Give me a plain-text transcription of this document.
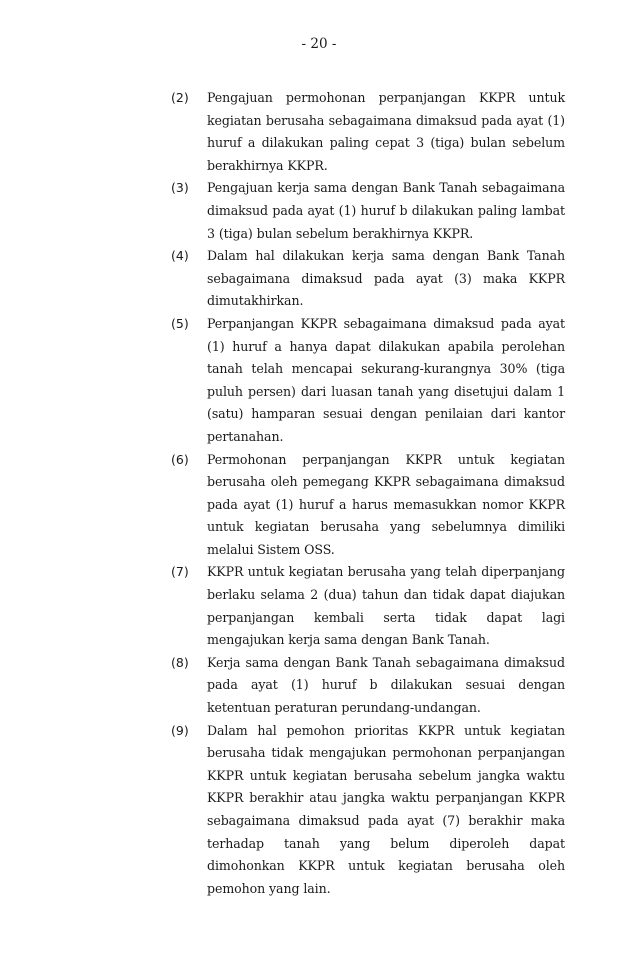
- 20 -
(2)	Pengajuan permohonan perpanjangan KKPR untuk kegiatan berusaha sebagaimana dimaksud pada ayat (1) huruf a dilakukan paling cepat 3 (tiga) bulan sebelum berakhirnya KKPR.
(3)	Pengajuan kerja sama dengan Bank Tanah sebagaimana dimaksud pada ayat (1) huruf b dilakukan paling lambat 3 (tiga) bulan sebelum berakhirnya KKPR.
(4)	Dalam hal dilakukan kerja sama dengan Bank Tanah sebagaimana dimaksud pada ayat (3) maka KKPR dimutakhirkan.
(5)	Perpanjangan KKPR sebagaimana dimaksud pada ayat (1) huruf a hanya dapat dilakukan apabila perolehan tanah telah mencapai sekurang-kurangnya 30% (tiga puluh persen) dari luasan tanah yang disetujui dalam 1 (satu) hamparan sesuai dengan penilaian dari kantor pertanahan.
(6)	Permohonan perpanjangan KKPR untuk kegiatan berusaha oleh pemegang KKPR sebagaimana dimaksud pada ayat (1) huruf a harus memasukkan nomor KKPR untuk kegiatan berusaha yang sebelumnya dimiliki melalui Sistem OSS.
(7)	KKPR untuk kegiatan berusaha yang telah diperpanjang berlaku selama 2 (dua) tahun dan tidak dapat diajukan perpanjangan kembali serta tidak dapat lagi mengajukan kerja sama dengan Bank Tanah.
(8)	Kerja sama dengan Bank Tanah sebagaimana dimaksud pada ayat (1) huruf b dilakukan sesuai dengan ketentuan peraturan perundang-undangan.
(9)	Dalam hal pemohon prioritas KKPR untuk kegiatan berusaha tidak mengajukan permohonan perpanjangan KKPR untuk kegiatan berusaha sebelum jangka waktu KKPR berakhir atau jangka waktu perpanjangan KKPR sebagaimana dimaksud pada ayat (7) berakhir maka terhadap tanah yang belum diperoleh dapat dimohonkan KKPR untuk kegiatan berusaha oleh pemohon yang lain.
